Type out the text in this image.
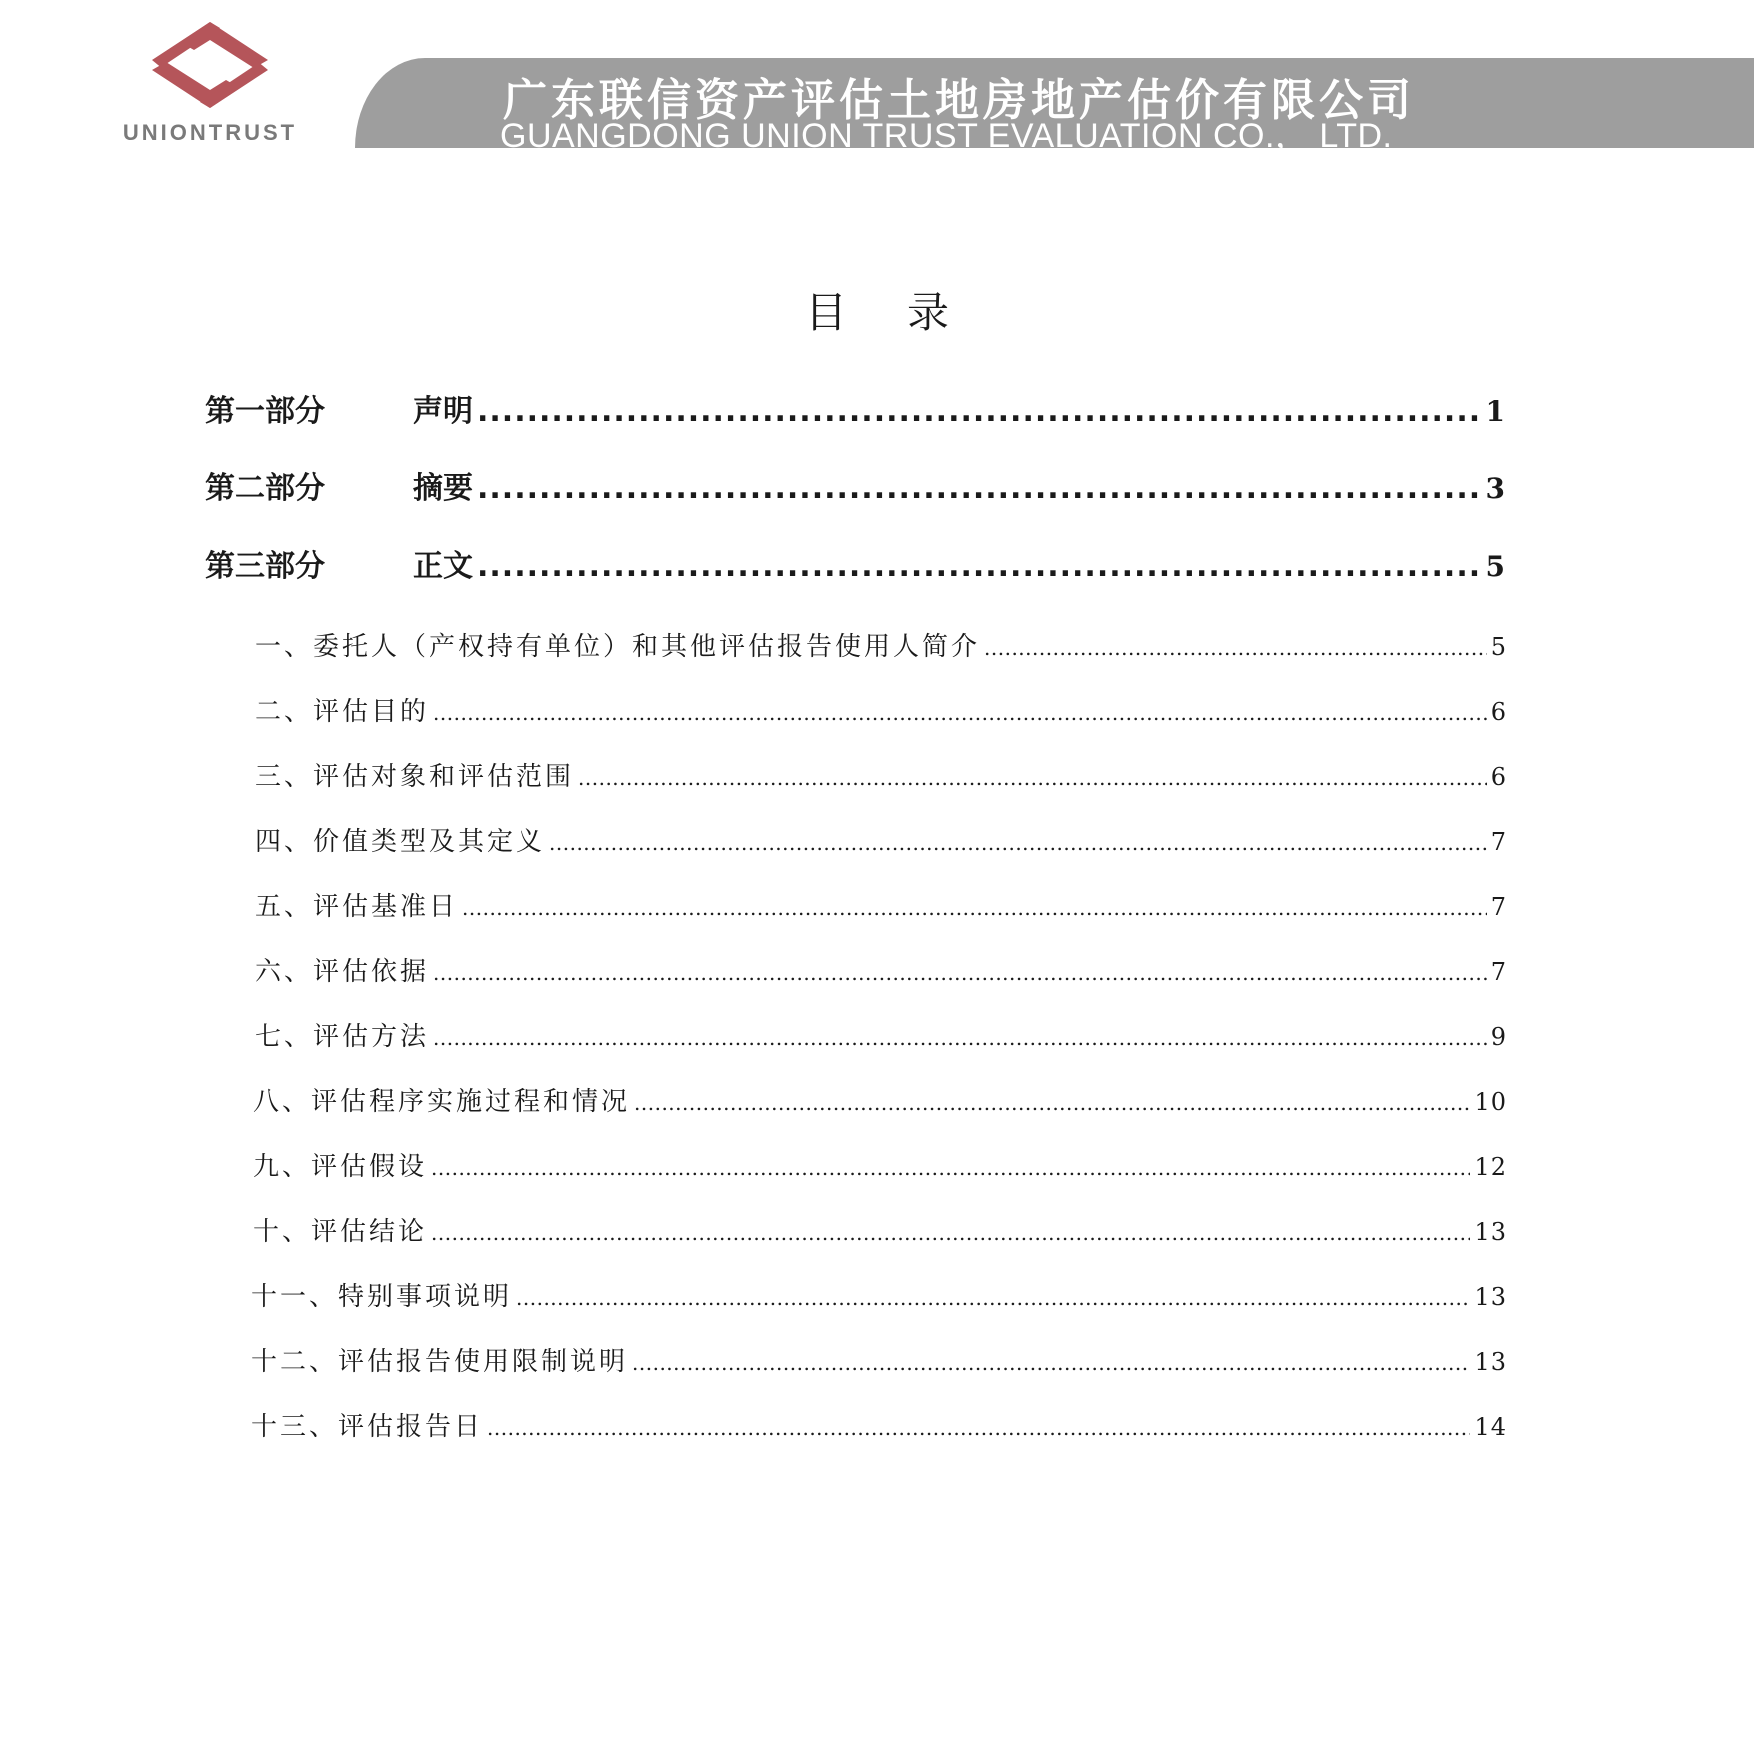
UNIONTRUST
广东联信资产评估土地房地产估价有限公司
GUANGDONG UNION TRUST EVALUATION CO.， LTD.
目录
第一部分	声明 .....	1
第二部分	摘要 .....	3
第三部分	正文 .....	5
一、委托人（产权持有单位）和其他评估报告使用人简介 .....	5
二、评估目的 .....	6
三、评估对象和评估范围 .....	6
四、价值类型及其定义 .....	7
五、评估基准日 .....	7
六、评估依据 .....	7
七、评估方法 .....	9
八、评估程序实施过程和情况 .....	10
九、评估假设 .....	12
十、评估结论 .....	13
十一、特别事项说明 .....	13
十二、评估报告使用限制说明 .....	13
十三、评估报告日 .....	14
